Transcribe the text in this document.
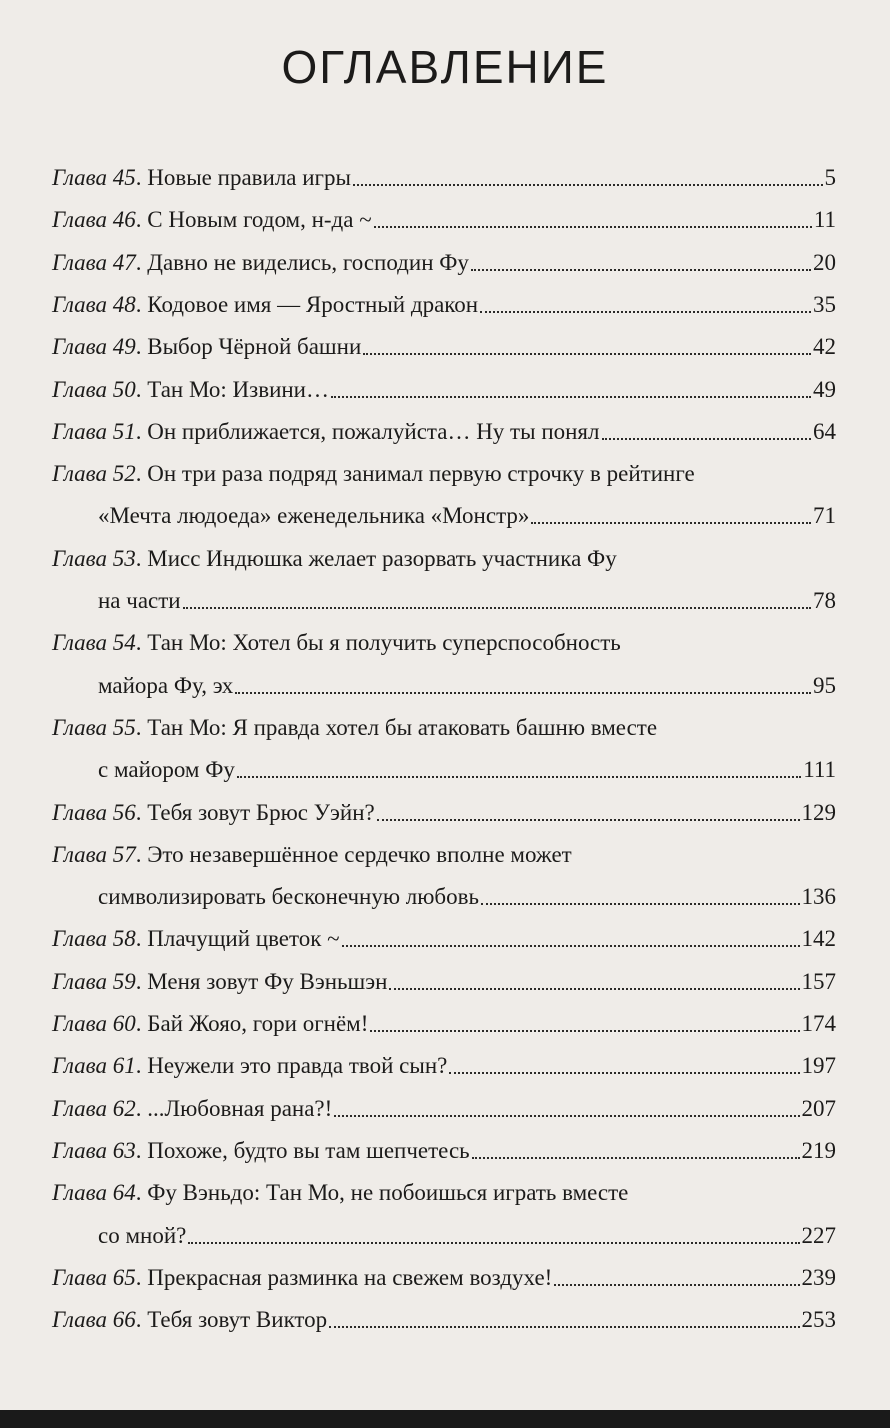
ОГЛАВЛЕНИЕ
Глава 45 . Новые правила игры	5
Глава 46 . С Новым годом, н-да ~	11
Глава 47 . Давно не виделись, господин Фу	20
Глава 48 . Кодовое имя — Яростный дракон	35
Глава 49 . Выбор Чёрной башни	42
Глава 50 . Тан Мо: Извини…	49
Глава 51 . Он приближается, пожалуйста… Ну ты понял	64
Глава 52 . Он три раза подряд занимал первую строчку в рейтинге
«Мечта людоеда» еженедельника «Монстр»	71
Глава 53 . Мисс Индюшка желает разорвать участника Фу
на части	78
Глава 54 . Тан Мо: Хотел бы я получить суперспособность
майора Фу, эх	95
Глава 55 . Тан Мо: Я правда хотел бы атаковать башню вместе
с майором Фу	111
Глава 56 . Тебя зовут Брюс Уэйн?	129
Глава 57 . Это незавершённое сердечко вполне может
символизировать бесконечную любовь	136
Глава 58 . Плачущий цветок ~	142
Глава 59 . Меня зовут Фу Вэньшэн	157
Глава 60 . Бай Жояо, гори огнём!	174
Глава 61 . Неужели это правда твой сын?	197
Глава 62 . ...Любовная рана?!	207
Глава 63 . Похоже, будто вы там шепчетесь	219
Глава 64 . Фу Вэньдо: Тан Мо, не побоишься играть вместе
со мной?	227
Глава 65 . Прекрасная разминка на свежем воздухе!	239
Глава 66 . Тебя зовут Виктор	253
